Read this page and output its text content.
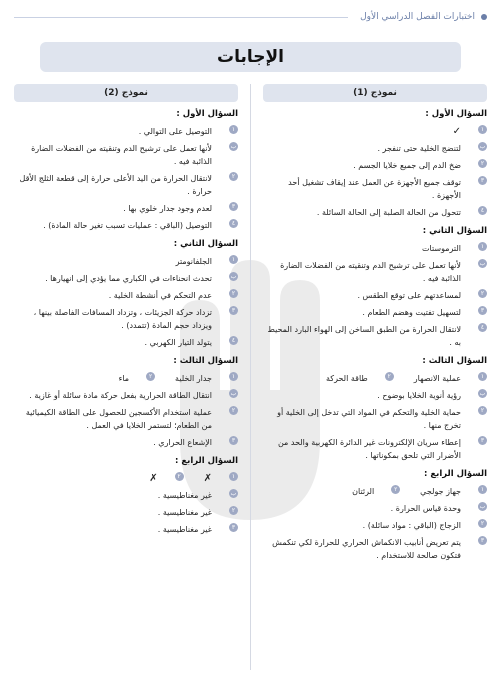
اختبارات الفصل الدراسي الأول
الإجابات
نموذج (1)
السؤال الأول :
١
✓
ب
لتنضج الخلية حتى تنفجر .
٢
ضخ الدم إلى جميع خلايا الجسم .
٣
توقف جميع الأجهزة عن العمل عند إيقاف تشغيل أحد الأجهزة .
٤
تتحول من الحالة الصلبة إلى الحالة السائلة .
السؤال الثاني :
١
الترموستات
ب
لأنها تعمل على ترشيح الدم وتنقيته من الفضلات الضارة الذائبة فيه .
٢
لمساعدتهم على توقع الطقس .
٣
لتسهيل تفتيت وهضم الطعام .
٤
لانتقال الحرارة من الطبق الساخن إلى الهواء البارد المحيط به .
السؤال الثالث :
١
عملية الانصهار
٢
طاقة الحركة
ب
رؤية أنوية الخلايا بوضوح .
٢
حماية الخلية والتحكم في المواد التي تدخل إلى الخلية أو تخرج منها .
٣
إعطاء سريان الإلكترونات غير الدائرة الكهربية والحد من الأضرار التي تلحق بمكوناتها .
السؤال الرابع :
١
جهاز جولجي
٢
الرئتان
ب
وحدة قياس الحرارة .
٢
الزجاج (الباقي : مواد سائلة) .
٣
يتم تعريض أنابيب الانكماش الحراري للحرارة لكي تنكمش فتكون صالحة للاستخدام .
نموذج (2)
السؤال الأول :
١
التوصيل على التوالي .
ب
لأنها تعمل على ترشيح الدم وتنقيته من الفضلات الضارة الذائبة فيه .
٢
لانتقال الحرارة من اليد الأعلى حرارة إلى قطعة الثلج الأقل حرارة .
٣
لعدم وجود جدار خلوي بها .
٤
التوصيل (الباقي : عمليات تسبب تغير حالة المادة) .
السؤال الثاني :
١
الجلفانومتر
ب
تحدث انحناءات في الكباري مما يؤدي إلى انهيارها .
٢
عدم التحكم في أنشطة الخلية .
٣
تزداد حركة الجزيئات ، وتزداد المسافات الفاصلة بينها ، ويزداد حجم المادة (تتمدد) .
٤
يتولد التيار الكهربي .
السؤال الثالث :
١
جدار الخلية
٢
ماء
ب
انتقال الطاقة الحرارية بفعل حركة مادة سائلة أو غازية .
٢
عملية استخدام الأكسجين للحصول على الطاقة الكيميائية من الطعام؛ لتستمر الخلايا في العمل .
٣
الإشعاع الحراري .
السؤال الرابع :
١
✗
٢
✗
ب
غير مغناطيسية .
٢
غير مغناطيسية .
٣
غير مغناطيسية .
